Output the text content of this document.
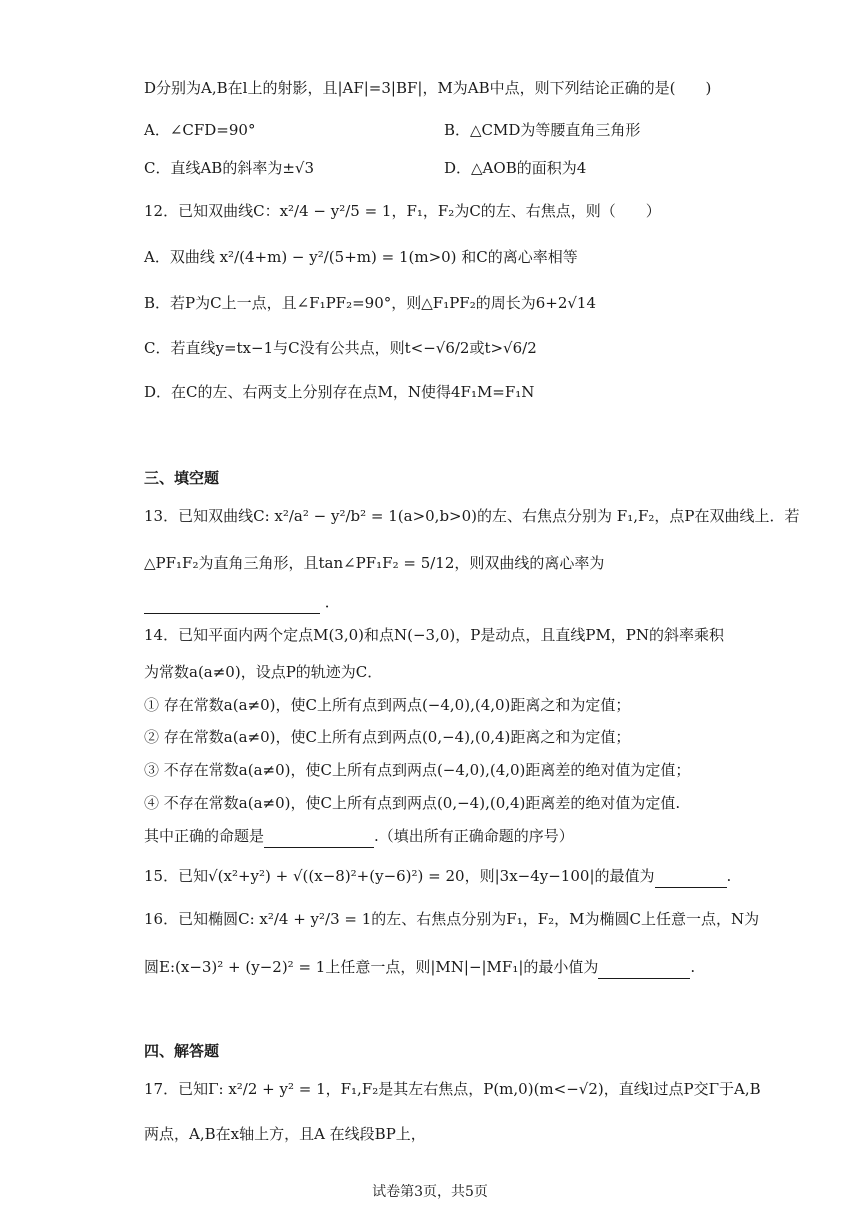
D分别为A,B在l上的射影，且|AF|=3|BF|，M为AB中点，则下列结论正确的是(　　)
A．∠CFD=90°	B．△CMD为等腰直角三角形
C．直线AB的斜率为±√3	D．△AOB的面积为4
12．已知双曲线C：x²/4 − y²/5 = 1，F₁，F₂为C的左、右焦点，则（　　）
A．双曲线 x²/(4+m) − y²/(5+m) = 1(m>0) 和C的离心率相等
B．若P为C上一点，且∠F₁PF₂=90°，则△F₁PF₂的周长为6+2√14
C．若直线y=tx−1与C没有公共点，则t<−√6/2或t>√6/2
D．在C的左、右两支上分别存在点M，N使得4F₁M=F₁N
三、填空题
13．已知双曲线C: x²/a² − y²/b² = 1(a>0,b>0)的左、右焦点分别为 F₁,F₂，点P在双曲线上．若
△PF₁F₂为直角三角形，且tan∠PF₁F₂ = 5/12，则双曲线的离心率为
．
14．已知平面内两个定点M(3,0)和点N(−3,0)，P是动点，且直线PM，PN的斜率乘积
为常数a(a≠0)，设点P的轨迹为C．
① 存在常数a(a≠0)，使C上所有点到两点(−4,0),(4,0)距离之和为定值；
② 存在常数a(a≠0)，使C上所有点到两点(0,−4),(0,4)距离之和为定值；
③ 不存在常数a(a≠0)，使C上所有点到两点(−4,0),(4,0)距离差的绝对值为定值；
④ 不存在常数a(a≠0)，使C上所有点到两点(0,−4),(0,4)距离差的绝对值为定值.
其中正确的命题是	.（填出所有正确命题的序号）
15．已知√(x²+y²) + √((x−8)²+(y−6)²) = 20，则|3x−4y−100|的最值为	.
16．已知椭圆C: x²/4 + y²/3 = 1的左、右焦点分别为F₁，F₂，M为椭圆C上任意一点，N为
圆E:(x−3)² + (y−2)² = 1上任意一点，则|MN|−|MF₁|的最小值为	.
四、解答题
17．已知Γ: x²/2 + y² = 1，F₁,F₂是其左右焦点，P(m,0)(m<−√2)，直线l过点P交Γ于A,B
两点，A,B在x轴上方，且A 在线段BP上，
试卷第3页，共5页
